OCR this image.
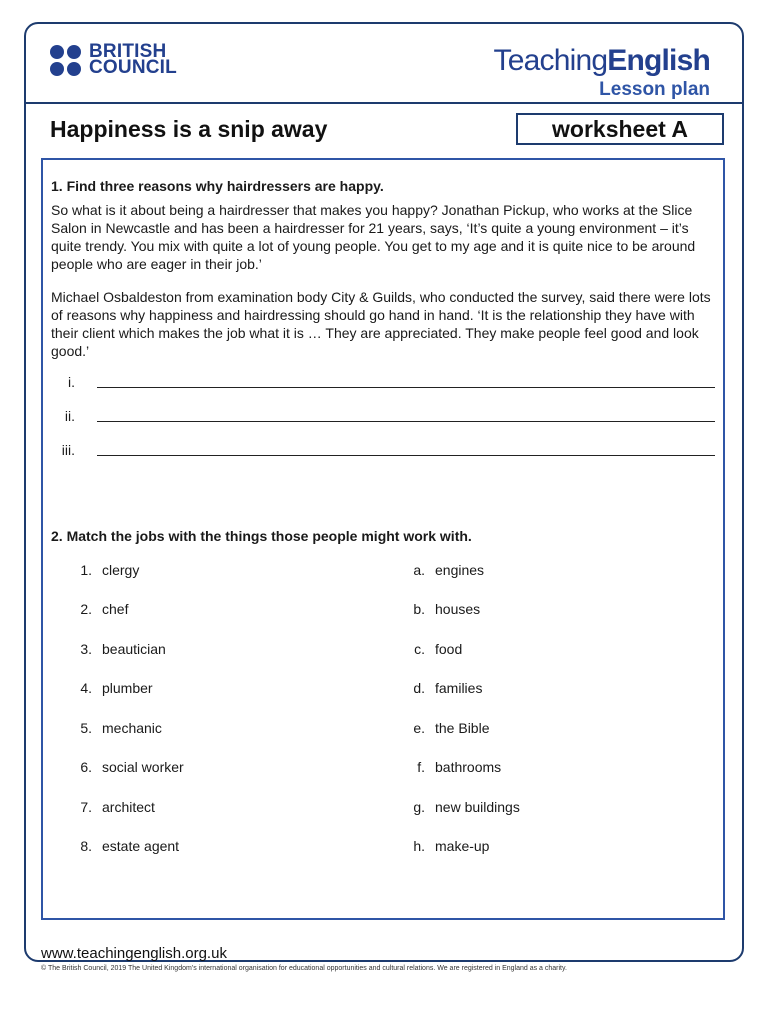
BRITISH
COUNCIL	TeachingEnglish
Lesson plan
Happiness is a snip away	worksheet A
1. Find three reasons why hairdressers are happy.

So what is it about being a hairdresser that makes you happy? Jonathan Pickup, who works at the Slice Salon in Newcastle and has been a hairdresser for 21 years, says, ‘It’s quite a young environment – it’s quite trendy. You mix with quite a lot of young people. You get to my age and it is quite nice to be around people who are eager in their job.’

Michael Osbaldeston from examination body City & Guilds, who conducted the survey, said there were lots of reasons why happiness and hairdressing should go hand in hand. ‘It is the relationship they have with their client which makes the job what it is … They are appreciated. They make people feel good and look good.’

i.
ii.
iii.
2. Match the jobs with the things those people might work with.
1. clergy
2. chef
3. beautician
4. plumber
5. mechanic
6. social worker
7. architect
8. estate agent
a. engines
b. houses
c. food
d. families
e. the Bible
f. bathrooms
g. new buildings
h. make-up
www.teachingenglish.org.uk
© The British Council, 2019 The United Kingdom’s international organisation for educational opportunities and cultural relations. We are registered in England as a charity.
